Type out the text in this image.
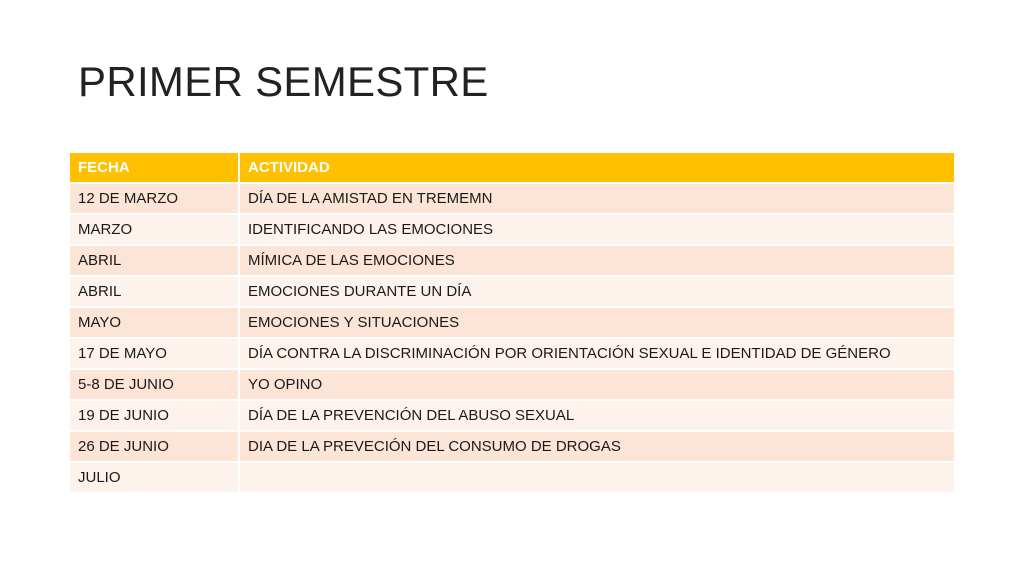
PRIMER SEMESTRE
FECHA	ACTIVIDAD
12 DE MARZO	DÍA DE LA AMISTAD EN TREMEMN
MARZO	IDENTIFICANDO LAS EMOCIONES
ABRIL	MÍMICA DE LAS EMOCIONES
ABRIL	EMOCIONES DURANTE UN DÍA
MAYO	EMOCIONES Y SITUACIONES
17 DE MAYO	DÍA CONTRA LA DISCRIMINACIÓN POR ORIENTACIÓN SEXUAL E IDENTIDAD DE GÉNERO
5-8 DE JUNIO	YO OPINO
19 DE JUNIO	DÍA DE LA PREVENCIÓN DEL ABUSO SEXUAL
26 DE JUNIO	DIA DE LA PREVECIÓN DEL CONSUMO DE DROGAS
JULIO	
